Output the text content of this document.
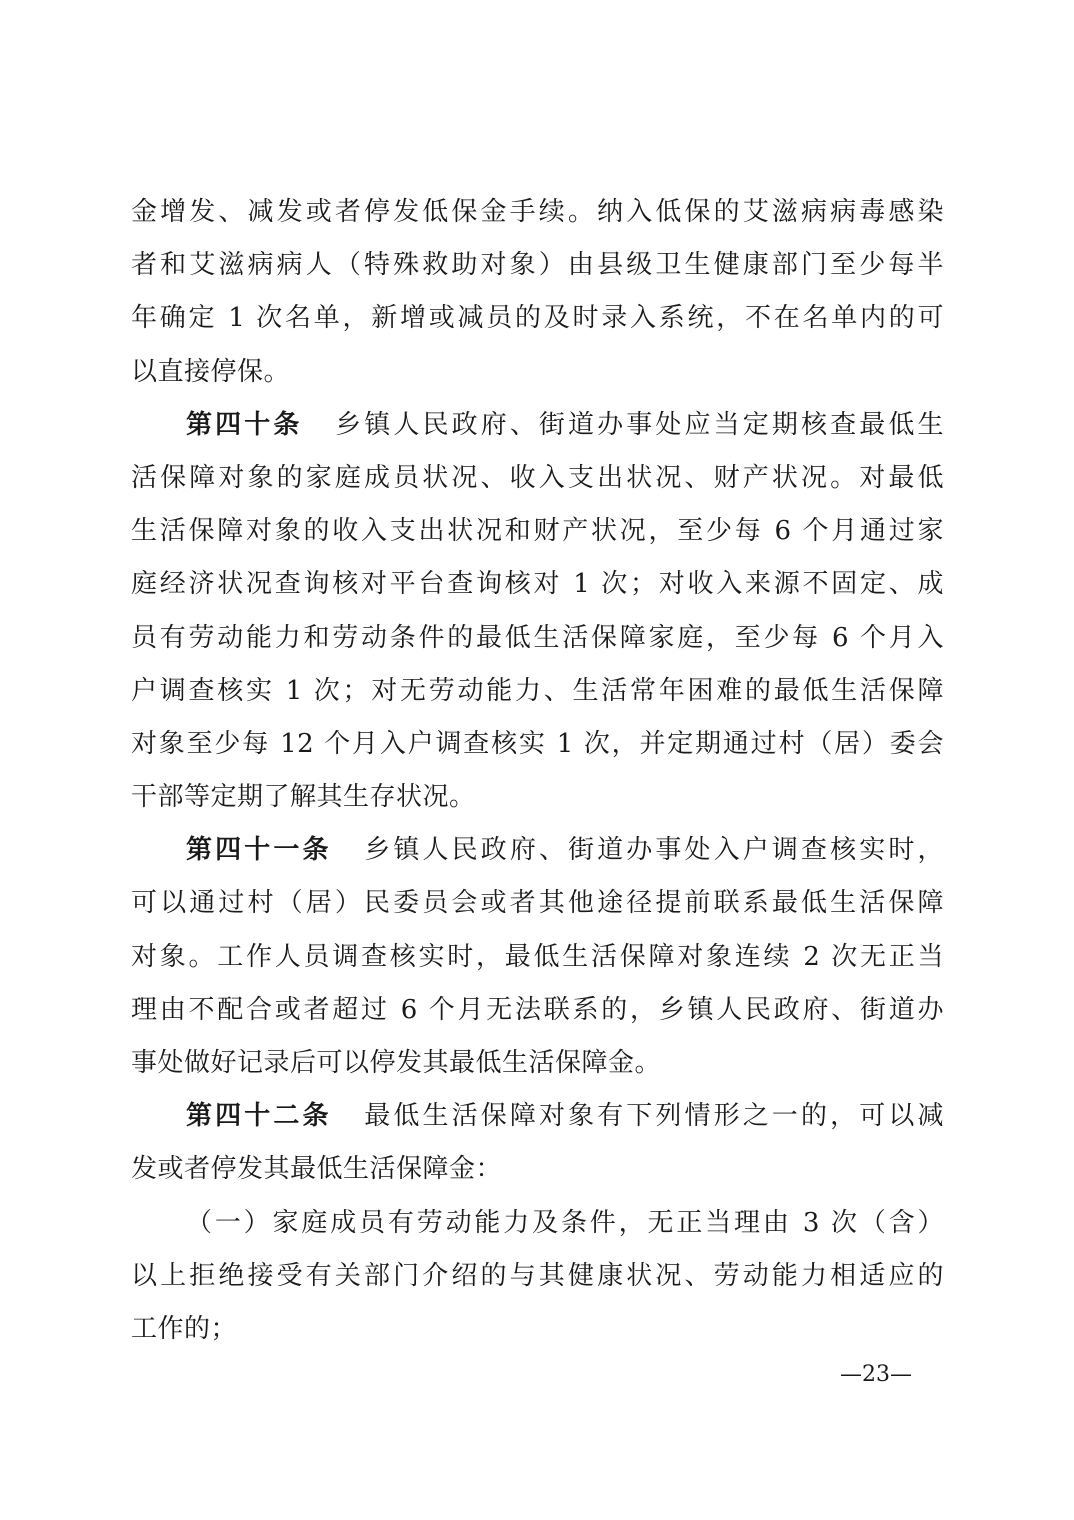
金增发、减发或者停发低保金手续。纳入低保的艾滋病病毒感染
者和艾滋病病人（特殊救助对象）由县级卫生健康部门至少每半
年确定 1 次名单，新增或减员的及时录入系统，不在名单内的可
以直接停保。
第四十条 乡镇人民政府、街道办事处应当定期核查最低生
活保障对象的家庭成员状况、收入支出状况、财产状况。对最低
生活保障对象的收入支出状况和财产状况，至少每 6 个月通过家
庭经济状况查询核对平台查询核对 1 次；对收入来源不固定、成
员有劳动能力和劳动条件的最低生活保障家庭，至少每 6 个月入
户调查核实 1 次；对无劳动能力、生活常年困难的最低生活保障
对象至少每 12 个月入户调查核实 1 次，并定期通过村（居）委会
干部等定期了解其生存状况。
第四十一条 乡镇人民政府、街道办事处入户调查核实时，
可以通过村（居）民委员会或者其他途径提前联系最低生活保障
对象。工作人员调查核实时，最低生活保障对象连续 2 次无正当
理由不配合或者超过 6 个月无法联系的，乡镇人民政府、街道办
事处做好记录后可以停发其最低生活保障金。
第四十二条 最低生活保障对象有下列情形之一的，可以减
发或者停发其最低生活保障金：
（一）家庭成员有劳动能力及条件，无正当理由 3 次（含）
以上拒绝接受有关部门介绍的与其健康状况、劳动能力相适应的
工作的；
—23—
